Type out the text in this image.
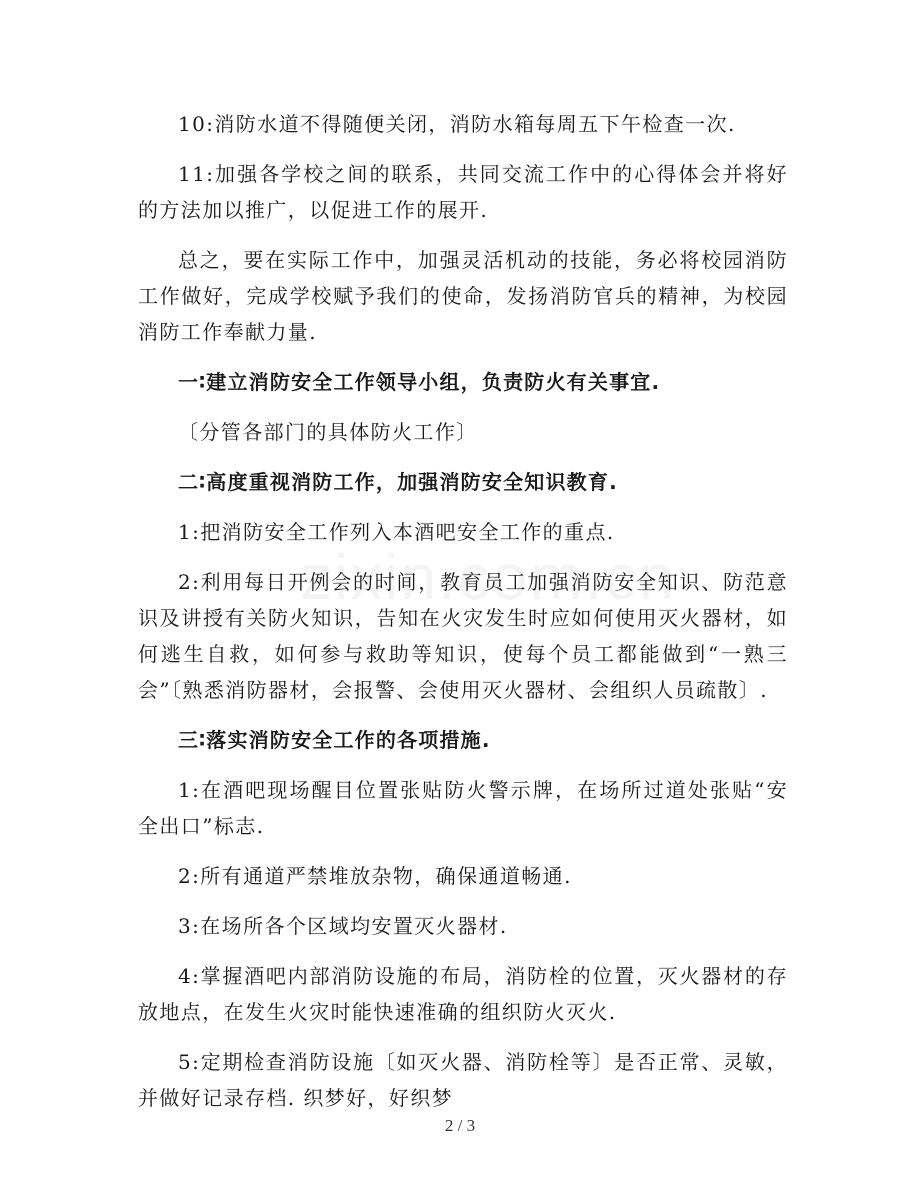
10:消防水道不得随便关闭，消防水箱每周五下午检查一次.

11:加强各学校之间的联系，共同交流工作中的心得体会并将好的方法加以推广，以促进工作的展开.

总之，要在实际工作中，加强灵活机动的技能，务必将校园消防工作做好，完成学校赋予我们的使命，发扬消防官兵的精神，为校园消防工作奉献力量.

一∶建立消防安全工作领导小组，负责防火有关事宜.

〔分管各部门的具体防火工作〕

二∶高度重视消防工作，加强消防安全知识教育.

1:把消防安全工作列入本酒吧安全工作的重点.

2:利用每日开例会的时间，教育员工加强消防安全知识、防范意识及讲授有关防火知识，告知在火灾发生时应如何使用灭火器材，如何逃生自救，如何参与救助等知识，使每个员工都能做到“一熟三会”〔熟悉消防器材，会报警、会使用灭火器材、会组织人员疏散〕.

三∶落实消防安全工作的各项措施.

1:在酒吧现场醒目位置张贴防火警示牌，在场所过道处张贴“安全出口”标志.

2:所有通道严禁堆放杂物，确保通道畅通.

3:在场所各个区域均安置灭火器材.

4:掌握酒吧内部消防设施的布局，消防栓的位置，灭火器材的存放地点，在发生火灾时能快速准确的组织防火灭火.

5:定期检查消防设施〔如灭火器、消防栓等〕是否正常、灵敏，并做好记录存档. 织梦好，好织梦

2 / 3
